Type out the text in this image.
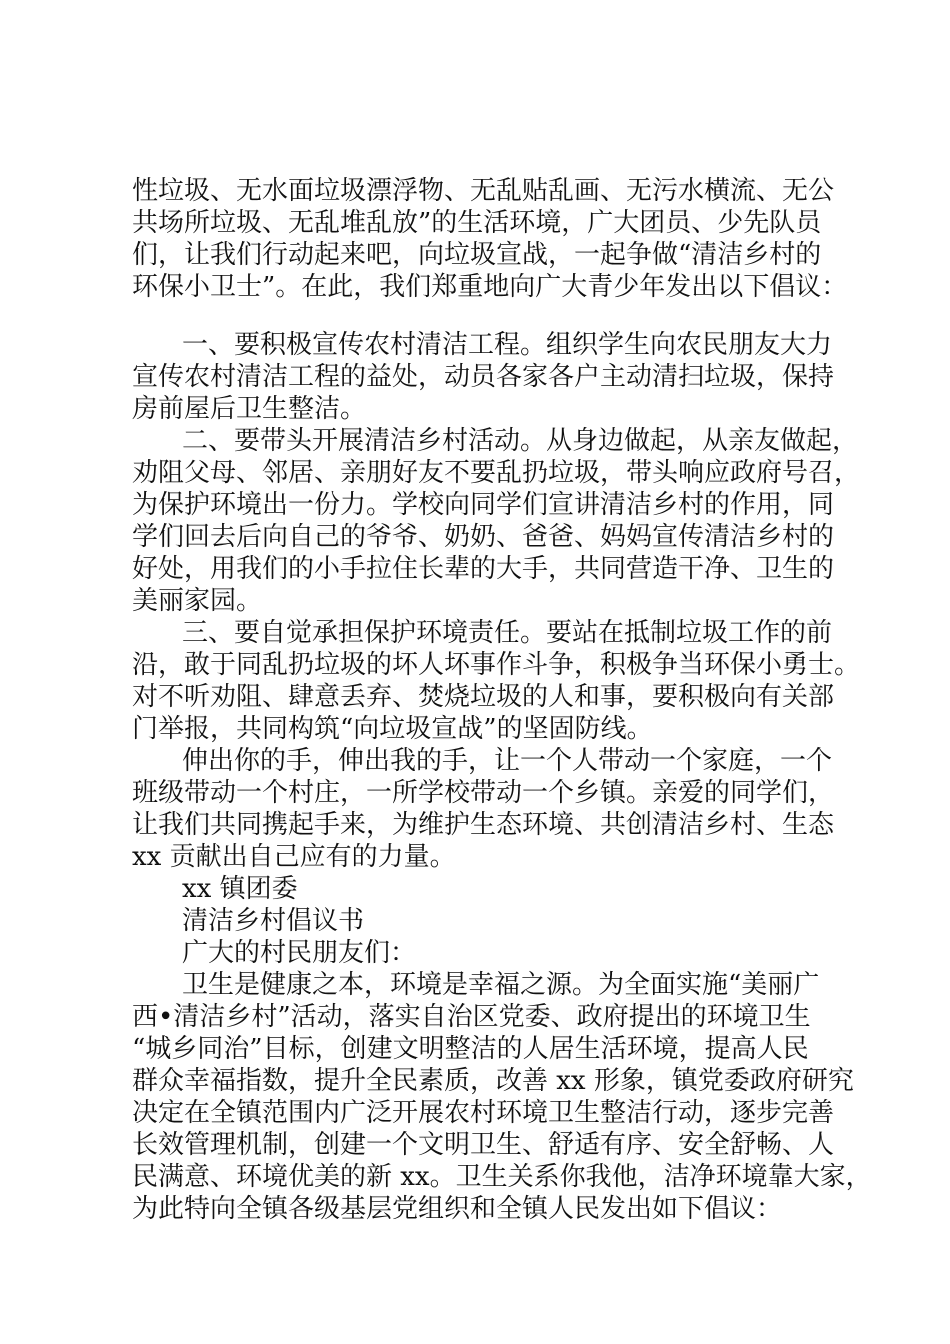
性垃圾、无水面垃圾漂浮物、无乱贴乱画、无污水横流、无公
共场所垃圾、无乱堆乱放”的生活环境，广大团员、少先队员
们，让我们行动起来吧，向垃圾宣战，一起争做“清洁乡村的
环保小卫士”。在此，我们郑重地向广大青少年发出以下倡议：
一、要积极宣传农村清洁工程。组织学生向农民朋友大力
宣传农村清洁工程的益处，动员各家各户主动清扫垃圾，保持
房前屋后卫生整洁。
二、要带头开展清洁乡村活动。从身边做起，从亲友做起，
劝阻父母、邻居、亲朋好友不要乱扔垃圾，带头响应政府号召，
为保护环境出一份力。学校向同学们宣讲清洁乡村的作用，同
学们回去后向自己的爷爷、奶奶、爸爸、妈妈宣传清洁乡村的
好处，用我们的小手拉住长辈的大手，共同营造干净、卫生的
美丽家园。
三、要自觉承担保护环境责任。要站在抵制垃圾工作的前
沿，敢于同乱扔垃圾的坏人坏事作斗争，积极争当环保小勇士。
对不听劝阻、肆意丢弃、焚烧垃圾的人和事，要积极向有关部
门举报，共同构筑“向垃圾宣战”的坚固防线。
伸出你的手，伸出我的手，让一个人带动一个家庭，一个
班级带动一个村庄，一所学校带动一个乡镇。亲爱的同学们，
让我们共同携起手来，为维护生态环境、共创清洁乡村、生态
xx 贡献出自己应有的力量。
xx 镇团委
清洁乡村倡议书
广大的村民朋友们：
卫生是健康之本，环境是幸福之源。为全面实施“美丽广
西•清洁乡村”活动，落实自治区党委、政府提出的环境卫生
“城乡同治”目标，创建文明整洁的人居生活环境，提高人民
群众幸福指数，提升全民素质，改善 xx 形象，镇党委政府研究
决定在全镇范围内广泛开展农村环境卫生整洁行动，逐步完善
长效管理机制，创建一个文明卫生、舒适有序、安全舒畅、人
民满意、环境优美的新 xx。卫生关系你我他，洁净环境靠大家，
为此特向全镇各级基层党组织和全镇人民发出如下倡议：
